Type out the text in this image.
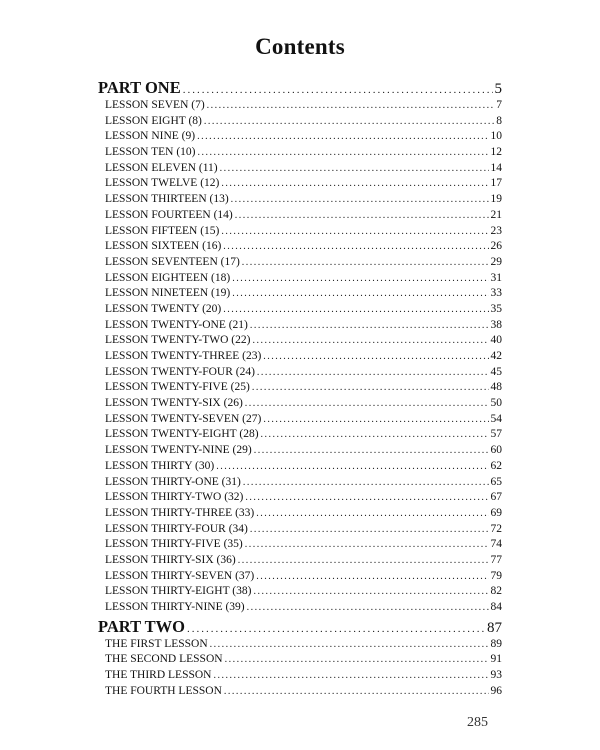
Contents
PART ONE .....	5
LESSON SEVEN (7) .....	7
LESSON EIGHT (8) .....	8
LESSON NINE (9) .....	10
LESSON TEN (10) .....	12
LESSON ELEVEN (11) .....	14
LESSON TWELVE (12) .....	17
LESSON THIRTEEN (13) .....	19
LESSON FOURTEEN (14) .....	21
LESSON FIFTEEN (15) .....	23
LESSON SIXTEEN (16) .....	26
LESSON SEVENTEEN (17) .....	29
LESSON EIGHTEEN (18) .....	31
LESSON NINETEEN (19) .....	33
LESSON TWENTY (20) .....	35
LESSON TWENTY-ONE (21) .....	38
LESSON TWENTY-TWO (22) .....	40
LESSON TWENTY-THREE (23) .....	42
LESSON TWENTY-FOUR (24) .....	45
LESSON TWENTY-FIVE (25) .....	48
LESSON TWENTY-SIX (26) .....	50
LESSON TWENTY-SEVEN (27) .....	54
LESSON TWENTY-EIGHT (28) .....	57
LESSON TWENTY-NINE (29) .....	60
LESSON THIRTY (30) .....	62
LESSON THIRTY-ONE (31) .....	65
LESSON THIRTY-TWO (32) .....	67
LESSON THIRTY-THREE (33) .....	69
LESSON THIRTY-FOUR (34) .....	72
LESSON THIRTY-FIVE (35) .....	74
LESSON THIRTY-SIX (36) .....	77
LESSON THIRTY-SEVEN (37) .....	79
LESSON THIRTY-EIGHT (38) .....	82
LESSON THIRTY-NINE (39) .....	84
PART TWO .....	87
THE FIRST LESSON .....	89
THE SECOND LESSON .....	91
THE THIRD LESSON .....	93
THE FOURTH LESSON .....	96
285
